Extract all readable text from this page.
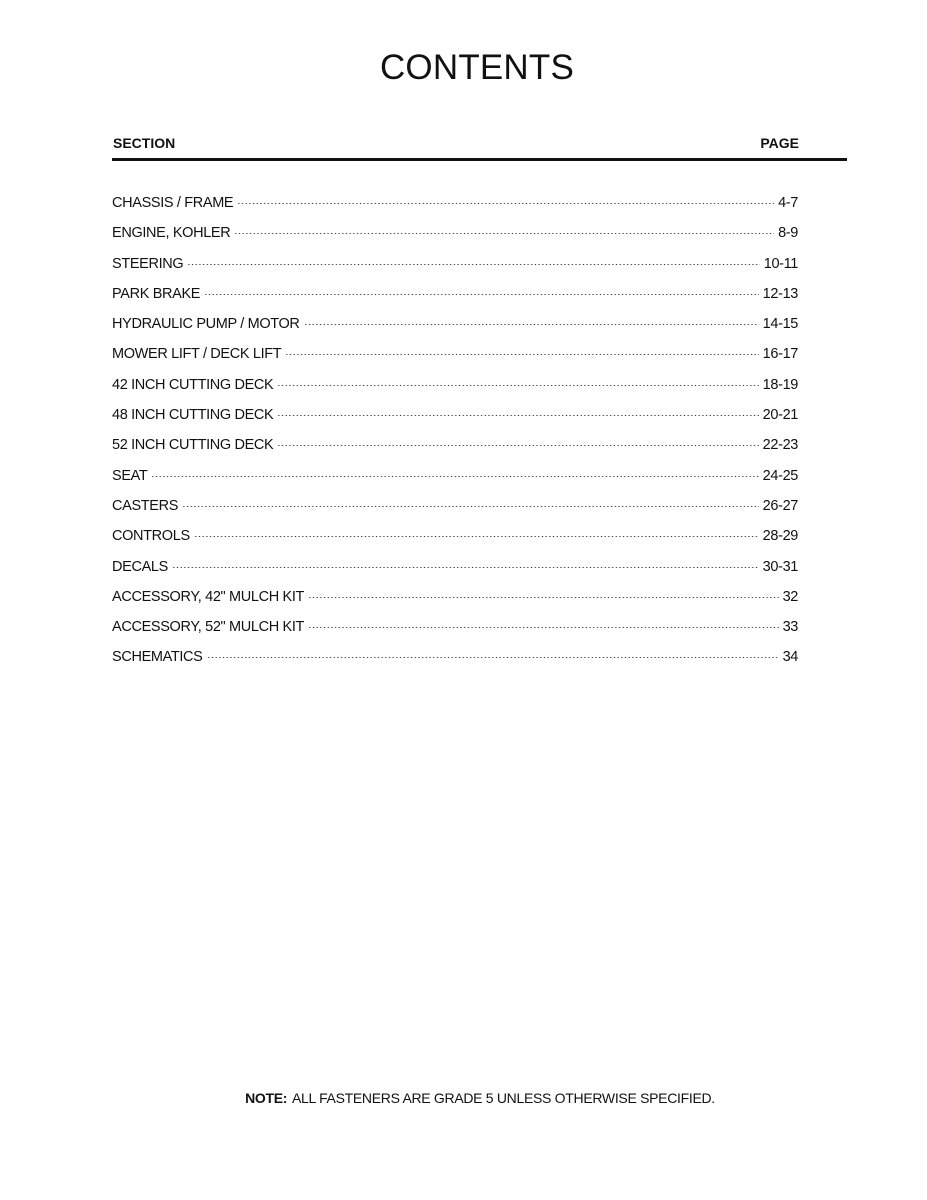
CONTENTS
SECTION	PAGE
CHASSIS / FRAME	4-7
ENGINE, KOHLER	8-9
STEERING	10-11
PARK BRAKE	12-13
HYDRAULIC PUMP / MOTOR	14-15
MOWER LIFT / DECK LIFT	16-17
42 INCH CUTTING DECK	18-19
48 INCH CUTTING DECK	20-21
52 INCH CUTTING DECK	22-23
SEAT	24-25
CASTERS	26-27
CONTROLS	28-29
DECALS	30-31
ACCESSORY, 42" MULCH KIT	32
ACCESSORY, 52" MULCH KIT	33
SCHEMATICS	34
NOTE: ALL FASTENERS ARE GRADE 5 UNLESS OTHERWISE SPECIFIED.
